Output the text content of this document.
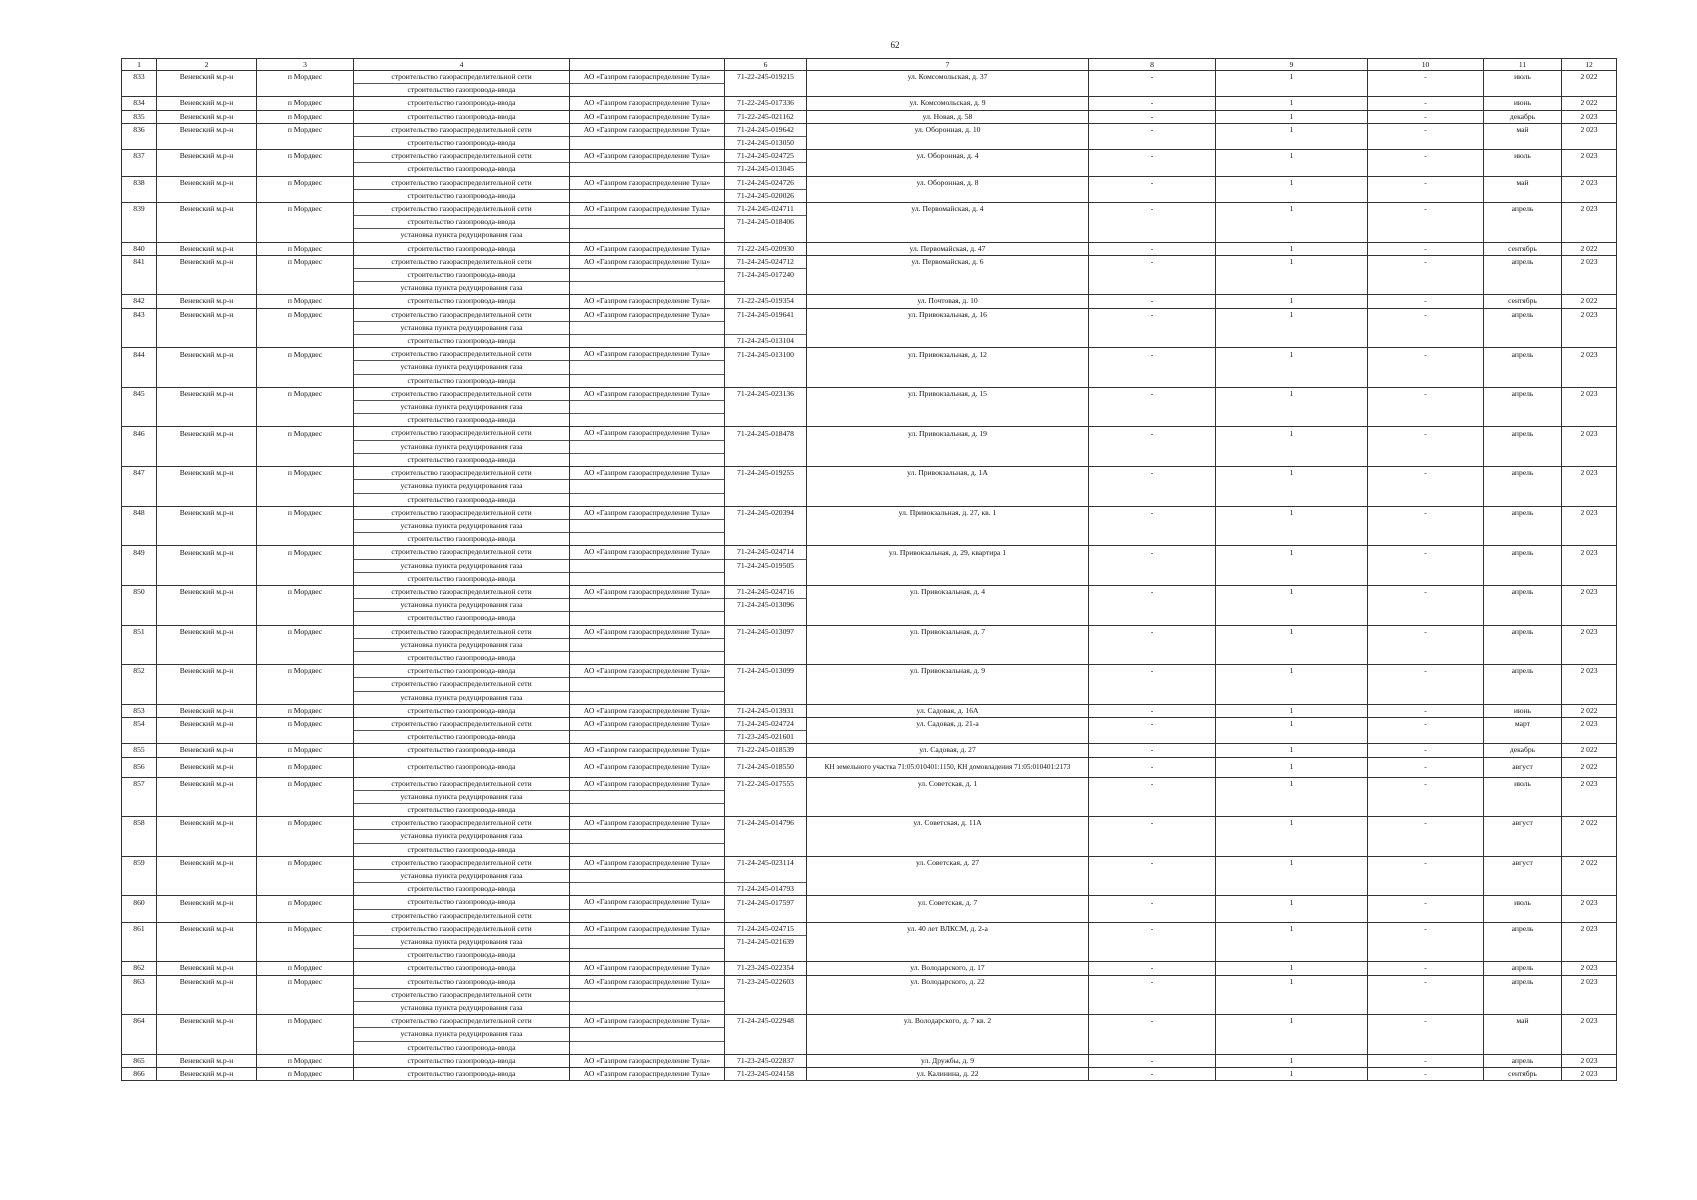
62
1	2	3	4		6	7	8	9	10	11	12
833	Веневский м.р-н	п Мордвес	строительство газораспределительной сети	АО «Газпром газораспределение Тула»	71-22-245-019215	ул. Комсомольская, д. 37	-	1	-	июль	2 022
			строительство газопровода-ввода								
834	Веневский м.р-н	п Мордвес	строительство газопровода-ввода	АО «Газпром газораспределение Тула»	71-22-245-017336	ул. Комсомольская, д. 9	-	1	-	июнь	2 022
835	Веневский м.р-н	п Мордвес	строительство газопровода-ввода	АО «Газпром газораспределение Тула»	71-22-245-021162	ул. Новая, д. 58	-	1	-	декабрь	2 023
836	Веневский м.р-н	п Мордвес	строительство газораспределительной сети	АО «Газпром газораспределение Тула»	71-24-245-019642	ул. Оборонная, д. 10	-	1	-	май	2 023
			строительство газопровода-ввода		71-24-245-013050						
837	Веневский м.р-н	п Мордвес	строительство газораспределительной сети	АО «Газпром газораспределение Тула»	71-24-245-024725	ул. Оборонная, д. 4	-	1	-	июль	2 023
			строительство газопровода-ввода		71-24-245-013045						
838	Веневский м.р-н	п Мордвес	строительство газораспределительной сети	АО «Газпром газораспределение Тула»	71-24-245-024726	ул. Оборонная, д. 8	-	1	-	май	2 023
			строительство газопровода-ввода		71-24-245-020026						
839	Веневский м.р-н	п Мордвес	строительство газораспределительной сети	АО «Газпром газораспределение Тула»	71-24-245-024711	ул. Первомайская, д. 4	-	1	-	апрель	2 023
			строительство газопровода-ввода		71-24-245-018406						
			установка пункта редуцирования газа								
840	Веневский м.р-н	п Мордвес	строительство газопровода-ввода	АО «Газпром газораспределение Тула»	71-22-245-020930	ул. Первомайская, д. 47	-	1	-	сентябрь	2 022
841	Веневский м.р-н	п Мордвес	строительство газораспределительной сети	АО «Газпром газораспределение Тула»	71-24-245-024712	ул. Первомайская, д. 6	-	1	-	апрель	2 023
			строительство газопровода-ввода		71-24-245-017240						
			установка пункта редуцирования газа								
842	Веневский м.р-н	п Мордвес	строительство газопровода-ввода	АО «Газпром газораспределение Тула»	71-22-245-019354	ул. Почтовая, д. 10	-	1	-	сентябрь	2 022
843	Веневский м.р-н	п Мордвес	строительство газораспределительной сети	АО «Газпром газораспределение Тула»	71-24-245-019641	ул. Привокзальная, д. 16	-	1	-	апрель	2 023
			установка пункта редуцирования газа								
			строительство газопровода-ввода		71-24-245-013104						
844	Веневский м.р-н	п Мордвес	строительство газораспределительной сети	АО «Газпром газораспределение Тула»	71-24-245-013100	ул. Привокзальная, д. 12	-	1	-	апрель	2 023
			установка пункта редуцирования газа								
			строительство газопровода-ввода								
845	Веневский м.р-н	п Мордвес	строительство газораспределительной сети	АО «Газпром газораспределение Тула»	71-24-245-023136	ул. Привокзальная, д. 15	-	1	-	апрель	2 023
			установка пункта редуцирования газа								
			строительство газопровода-ввода								
846	Веневский м.р-н	п Мордвес	строительство газораспределительной сети	АО «Газпром газораспределение Тула»	71-24-245-018478	ул. Привокзальная, д. 19	-	1	-	апрель	2 023
			установка пункта редуцирования газа								
			строительство газопровода-ввода								
847	Веневский м.р-н	п Мордвес	строительство газораспределительной сети	АО «Газпром газораспределение Тула»	71-24-245-019255	ул. Привокзальная, д. 1А	-	1	-	апрель	2 023
			установка пункта редуцирования газа								
			строительство газопровода-ввода								
848	Веневский м.р-н	п Мордвес	строительство газораспределительной сети	АО «Газпром газораспределение Тула»	71-24-245-020394	ул. Привокзальная, д. 27, кв. 1	-	1	-	апрель	2 023
			установка пункта редуцирования газа								
			строительство газопровода-ввода								
849	Веневский м.р-н	п Мордвес	строительство газораспределительной сети	АО «Газпром газораспределение Тула»	71-24-245-024714	ул. Привокзальная, д. 29, квартира 1	-	1	-	апрель	2 023
			установка пункта редуцирования газа		71-24-245-019505						
			строительство газопровода-ввода								
850	Веневский м.р-н	п Мордвес	строительство газораспределительной сети	АО «Газпром газораспределение Тула»	71-24-245-024716	ул. Привокзальная, д. 4	-	1	-	апрель	2 023
			установка пункта редуцирования газа		71-24-245-013096						
			строительство газопровода-ввода								
851	Веневский м.р-н	п Мордвес	строительство газораспределительной сети	АО «Газпром газораспределение Тула»	71-24-245-013097	ул. Привокзальная, д. 7	-	1	-	апрель	2 023
			установка пункта редуцирования газа								
			строительство газопровода-ввода								
852	Веневский м.р-н	п Мордвес	строительство газопровода-ввода	АО «Газпром газораспределение Тула»	71-24-245-013099	ул. Привокзальная, д. 9	-	1	-	апрель	2 023
			строительство газораспределительной сети								
			установка пункта редуцирования газа								
853	Веневский м.р-н	п Мордвес	строительство газопровода-ввода	АО «Газпром газораспределение Тула»	71-24-245-013931	ул. Садовая, д. 16А	-	1	-	июнь	2 022
854	Веневский м.р-н	п Мордвес	строительство газораспределительной сети	АО «Газпром газораспределение Тула»	71-24-245-024724	ул. Садовая, д. 21-а	-	1	-	март	2 023
			строительство газопровода-ввода		71-23-245-021601						
855	Веневский м.р-н	п Мордвес	строительство газопровода-ввода	АО «Газпром газораспределение Тула»	71-22-245-018539	ул. Садовая, д. 27	-	1	-	декабрь	2 022
856	Веневский м.р-н	п Мордвес	строительство газопровода-ввода	АО «Газпром газораспределение Тула»	71-24-245-018550	КН земельного участка 71:05:010401:1150, КН домовладения 71:05:010401:2173	-	1	-	август	2 022
857	Веневский м.р-н	п Мордвес	строительство газораспределительной сети	АО «Газпром газораспределение Тула»	71-22-245-017555	ул. Советская, д. 1	-	1	-	июль	2 023
			установка пункта редуцирования газа								
			строительство газопровода-ввода								
858	Веневский м.р-н	п Мордвес	строительство газораспределительной сети	АО «Газпром газораспределение Тула»	71-24-245-014796	ул. Советская, д. 11А	-	1	-	август	2 022
			установка пункта редуцирования газа								
			строительство газопровода-ввода								
859	Веневский м.р-н	п Мордвес	строительство газораспределительной сети	АО «Газпром газораспределение Тула»	71-24-245-023114	ул. Советская, д. 27	-	1	-	август	2 022
			установка пункта редуцирования газа								
			строительство газопровода-ввода		71-24-245-014793						
860	Веневский м.р-н	п Мордвес	строительство газопровода-ввода	АО «Газпром газораспределение Тула»	71-24-245-017597	ул. Советская, д. 7	-	1	-	июль	2 023
			строительство газораспределительной сети								
861	Веневский м.р-н	п Мордвес	строительство газораспределительной сети	АО «Газпром газораспределение Тула»	71-24-245-024715	ул. 40 лет ВЛКСМ, д. 2-а	-	1	-	апрель	2 023
			установка пункта редуцирования газа		71-24-245-021639						
			строительство газопровода-ввода								
862	Веневский м.р-н	п Мордвес	строительство газопровода-ввода	АО «Газпром газораспределение Тула»	71-23-245-022354	ул. Володарского, д. 17	-	1	-	апрель	2 023
863	Веневский м.р-н	п Мордвес	строительство газопровода-ввода	АО «Газпром газораспределение Тула»	71-23-245-022603	ул. Володарского, д. 22	-	1	-	апрель	2 023
			строительство газораспределительной сети								
			установка пункта редуцирования газа								
864	Веневский м.р-н	п Мордвес	строительство газораспределительной сети	АО «Газпром газораспределение Тула»	71-24-245-022948	ул. Володарского, д. 7 кв. 2	-	1	-	май	2 023
			установка пункта редуцирования газа								
			строительство газопровода-ввода								
865	Веневский м.р-н	п Мордвес	строительство газопровода-ввода	АО «Газпром газораспределение Тула»	71-23-245-022837	ул. Дружбы, д. 9	-	1	-	апрель	2 023
866	Веневский м.р-н	п Мордвес	строительство газопровода-ввода	АО «Газпром газораспределение Тула»	71-23-245-024158	ул. Калинина, д. 22	-	1	-	сентябрь	2 023
